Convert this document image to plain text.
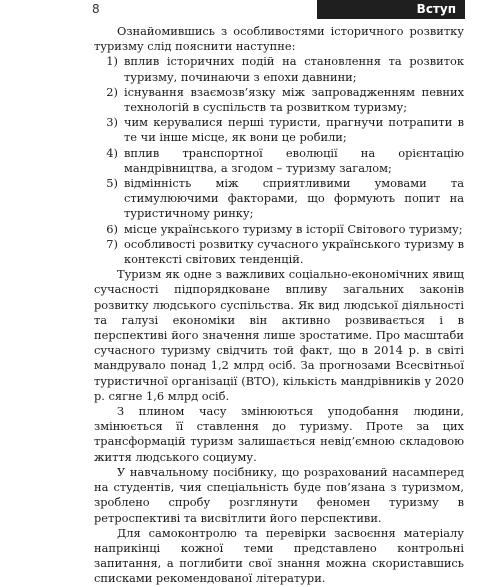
8	Вступ

Ознайомившись з особливостями історичного розвитку туризму слід пояснити наступне:

1 ) вплив історичних подій на становлення та розвиток туризму, починаючи з епохи давнини;
2 ) існування взаємозв’язку між запровадженням певних технологій в суспільств та розвитком туризму;
3 ) чим керувалися перші туристи, прагнучи потрапити в те чи інше місце, як вони це робили;
4 ) вплив транспортної еволюції на орієнтацію мандрівництва, а згодом – туризму загалом;
5 ) відмінність між сприятливими умовами та стимулюючими факторами, що формують попит на туристичному ринку;
6 ) місце українського туризму в історії Світового туризму;
7 ) особливості розвитку сучасного українського туризму в контексті світових тенденцій.

Туризм як одне з важливих соціально-економічних явищ сучасності підпорядковане впливу загальних законів розвитку людського суспільства. Як вид людської діяльності та галузі економіки він активно розвивається і в перспективі його значення лише зростатиме. Про масштаби сучасного туризму свідчить той факт, що в 2014 р. в світі мандрувало понад 1,2 млрд осіб. За прогнозами Всесвітньої туристичної організації (ВТО), кількість мандрівників у 2020 р. сягне 1,6 млрд осіб.

З плином часу змінюються уподобання людини, змінюється її ставлення до туризму. Проте за цих трансформацій туризм залишається невід’ємною складовою життя людського социуму.

У навчальному посібнику, що розрахований насамперед на студентів, чия спеціальність буде пов’язана з туризмом, зроблено спробу розглянути феномен туризму в ретроспективі та висвітлити його перспективи.

Для самоконтролю та перевірки засвоєння матеріалу наприкінці кожної теми представлено контрольні запитання, а поглибити свої знання можна скориставшись списками рекомендованої літератури.
